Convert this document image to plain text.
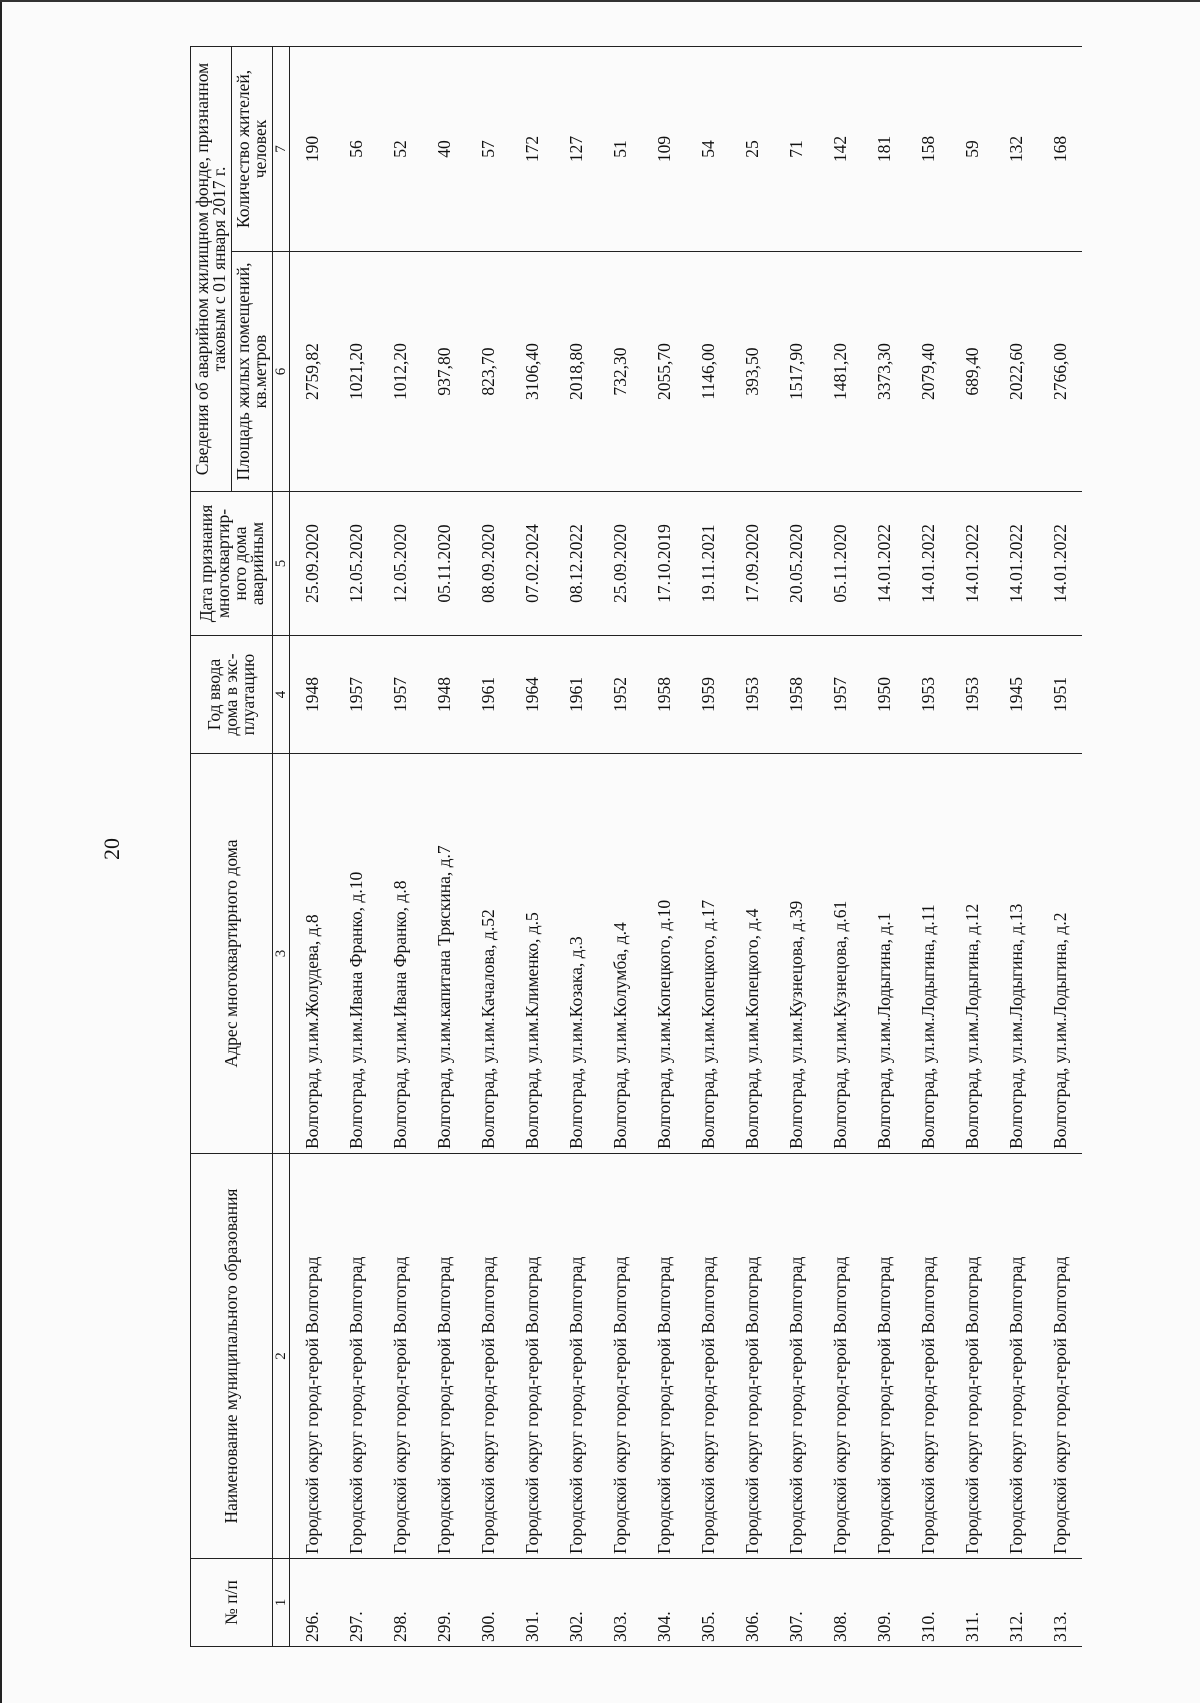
20
№ п/п	Наименование муниципального образования	Адрес многоквартирного дома	Год ввода дома в экс-плуатацию	Дата признания многоквартир-ного дома аварийным	Сведения об аварийном жилищном фонде, признанном таковым с 01 января 2017 г.	
					Площадь жилых помещений, кв.метров	Количество жителей, человек
1	2	3	4	5	6	7
296.	Городской округ город-герой Волгоград	Волгоград, ул.им.Жолудева, д.8	1948	25.09.2020	2759,82	190
297.	Городской округ город-герой Волгоград	Волгоград, ул.им.Ивана Франко, д.10	1957	12.05.2020	1021,20	56
298.	Городской округ город-герой Волгоград	Волгоград, ул.им.Ивана Франко, д.8	1957	12.05.2020	1012,20	52
299.	Городской округ город-герой Волгоград	Волгоград, ул.им.капитана Тряскина, д.7	1948	05.11.2020	937,80	40
300.	Городской округ город-герой Волгоград	Волгоград, ул.им.Качалова, д.52	1961	08.09.2020	823,70	57
301.	Городской округ город-герой Волгоград	Волгоград, ул.им.Клименко, д.5	1964	07.02.2024	3106,40	172
302.	Городской округ город-герой Волгоград	Волгоград, ул.им.Козака, д.3	1961	08.12.2022	2018,80	127
303.	Городской округ город-герой Волгоград	Волгоград, ул.им.Колумба, д.4	1952	25.09.2020	732,30	51
304.	Городской округ город-герой Волгоград	Волгоград, ул.им.Копецкого, д.10	1958	17.10.2019	2055,70	109
305.	Городской округ город-герой Волгоград	Волгоград, ул.им.Копецкого, д.17	1959	19.11.2021	1146,00	54
306.	Городской округ город-герой Волгоград	Волгоград, ул.им.Копецкого, д.4	1953	17.09.2020	393,50	25
307.	Городской округ город-герой Волгоград	Волгоград, ул.им.Кузнецова, д.39	1958	20.05.2020	1517,90	71
308.	Городской округ город-герой Волгоград	Волгоград, ул.им.Кузнецова, д.61	1957	05.11.2020	1481,20	142
309.	Городской округ город-герой Волгоград	Волгоград, ул.им.Лодыгина, д.1	1950	14.01.2022	3373,30	181
310.	Городской округ город-герой Волгоград	Волгоград, ул.им.Лодыгина, д.11	1953	14.01.2022	2079,40	158
311.	Городской округ город-герой Волгоград	Волгоград, ул.им.Лодыгина, д.12	1953	14.01.2022	689,40	59
312.	Городской округ город-герой Волгоград	Волгоград, ул.им.Лодыгина, д.13	1945	14.01.2022	2022,60	132
313.	Городской округ город-герой Волгоград	Волгоград, ул.им.Лодыгина, д.2	1951	14.01.2022	2766,00	168
